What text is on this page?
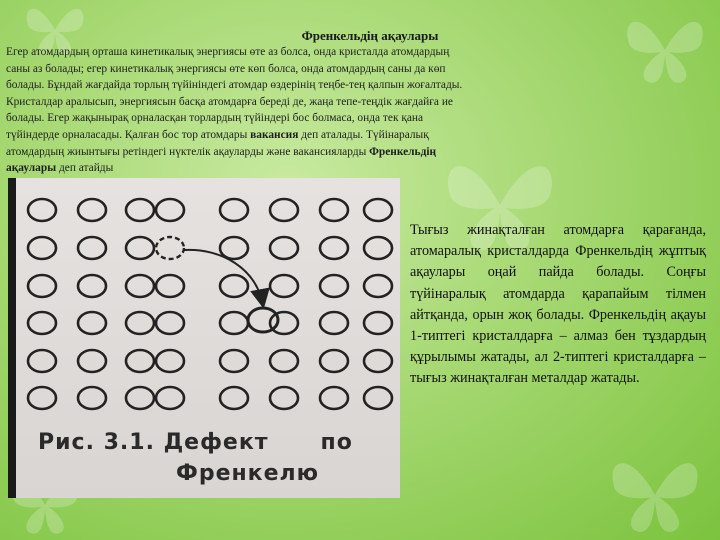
Френкельдің ақаулары
Егер атомдардың орташа кинетикалық энергиясы өте аз болса, онда кристалда атомдардың саны аз болады; егер кинетикалық энергиясы өте көп болса, онда атомдардың саны да көп болады. Бұндай жағдайда торлың түйініндегі атомдар өздерінің теңбе-тең қалпын жоғалтады. Кристалдар аралысып, энергиясын басқа атомдарға береді де, жаңа тепе-теңдік жағдайға ие болады. Егер жақынырақ орналасқан торлардың түйіндері бос болмаса, онда тек қана түйіндерде орналасады. Қалған бос тор атомдары вакансия деп аталады. Түйінаралық атомдардың жиынтығы ретіндегі нүктелік ақауларды және вакансияларды Френкельдің ақаулары деп атайды
Рис. 3.1. Дефект      по
Френкелю
Тығыз жинақталған атомдарға қарағанда, атомаралық кристалдарда Френкельдің жұптық ақаулары оңай пайда болады. Соңғы түйінаралық атомдарда қарапайым тілмен айтқанда, орын жоқ болады. Френкельдің ақауы 1-типтегі кристалдарға – алмаз бен тұздардың құрылымы жатады, ал 2-типтегі кристалдарға – тығыз жинақталған металдар жатады.
